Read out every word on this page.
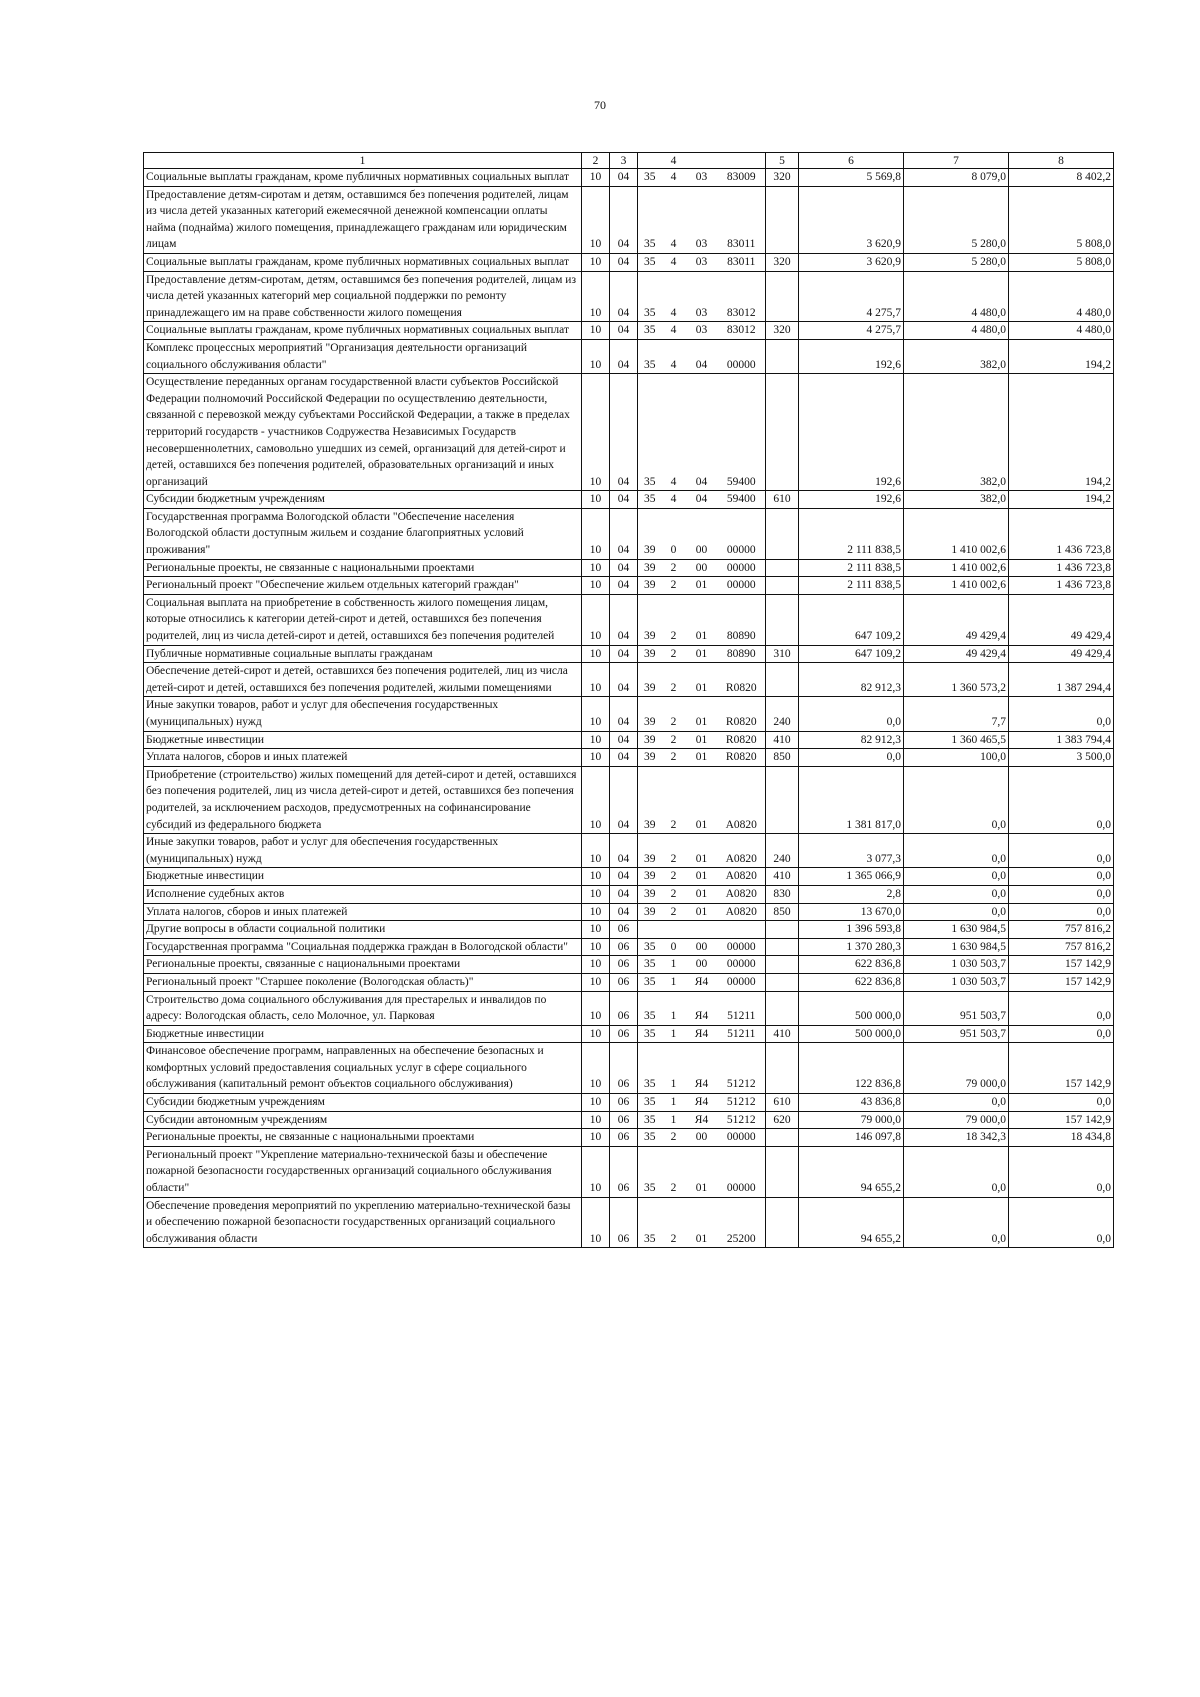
70
1	2	3		4			5	6	7	8
Социальные выплаты гражданам, кроме публичных нормативных социальных выплат	10	04	35	4	03	83009	320	5 569,8	8 079,0	8 402,2
Предоставление детям-сиротам и детям, оставшимся без попечения родителей, лицам из числа детей указанных категорий ежемесячной денежной компенсации оплаты найма (поднайма) жилого помещения, принадлежащего гражданам или юридическим лицам	10	04	35	4	03	83011		3 620,9	5 280,0	5 808,0
Социальные выплаты гражданам, кроме публичных нормативных социальных выплат	10	04	35	4	03	83011	320	3 620,9	5 280,0	5 808,0
Предоставление детям-сиротам, детям, оставшимся без попечения родителей, лицам из числа детей указанных категорий мер социальной поддержки по ремонту принадлежащего им на праве собственности жилого помещения	10	04	35	4	03	83012		4 275,7	4 480,0	4 480,0
Социальные выплаты гражданам, кроме публичных нормативных социальных выплат	10	04	35	4	03	83012	320	4 275,7	4 480,0	4 480,0
Комплекс процессных мероприятий "Организация деятельности организаций социального обслуживания области"	10	04	35	4	04	00000		192,6	382,0	194,2
Осуществление переданных органам государственной власти субъектов Российской Федерации полномочий Российской Федерации по осуществлению деятельности, связанной с перевозкой между субъектами Российской Федерации, а также в пределах территорий государств - участников Содружества Независимых Государств несовершеннолетних, самовольно ушедших из семей, организаций для детей-сирот и детей, оставшихся без попечения родителей, образовательных организаций и иных организаций	10	04	35	4	04	59400		192,6	382,0	194,2
Субсидии бюджетным учреждениям	10	04	35	4	04	59400	610	192,6	382,0	194,2
Государственная программа Вологодской области "Обеспечение населения Вологодской области доступным жильем и создание благоприятных условий проживания"	10	04	39	0	00	00000		2 111 838,5	1 410 002,6	1 436 723,8
Региональные проекты, не связанные с национальными проектами	10	04	39	2	00	00000		2 111 838,5	1 410 002,6	1 436 723,8
Региональный проект "Обеспечение жильем отдельных категорий граждан"	10	04	39	2	01	00000		2 111 838,5	1 410 002,6	1 436 723,8
Социальная выплата на приобретение в собственность жилого помещения лицам, которые относились к категории детей-сирот и детей, оставшихся без попечения родителей, лиц из числа детей-сирот и детей, оставшихся без попечения родителей	10	04	39	2	01	80890		647 109,2	49 429,4	49 429,4
Публичные нормативные социальные выплаты гражданам	10	04	39	2	01	80890	310	647 109,2	49 429,4	49 429,4
Обеспечение детей-сирот и детей, оставшихся без попечения родителей, лиц из числа детей-сирот и детей, оставшихся без попечения родителей, жилыми помещениями	10	04	39	2	01	R0820		82 912,3	1 360 573,2	1 387 294,4
Иные закупки товаров, работ и услуг для обеспечения государственных (муниципальных) нужд	10	04	39	2	01	R0820	240	0,0	7,7	0,0
Бюджетные инвестиции	10	04	39	2	01	R0820	410	82 912,3	1 360 465,5	1 383 794,4
Уплата налогов, сборов и иных платежей	10	04	39	2	01	R0820	850	0,0	100,0	3 500,0
Приобретение (строительство) жилых помещений для детей-сирот и детей, оставшихся без попечения родителей, лиц из числа детей-сирот и детей, оставшихся без попечения родителей, за исключением расходов, предусмотренных на софинансирование субсидий из федерального бюджета	10	04	39	2	01	А0820		1 381 817,0	0,0	0,0
Иные закупки товаров, работ и услуг для обеспечения государственных (муниципальных) нужд	10	04	39	2	01	А0820	240	3 077,3	0,0	0,0
Бюджетные инвестиции	10	04	39	2	01	А0820	410	1 365 066,9	0,0	0,0
Исполнение судебных актов	10	04	39	2	01	А0820	830	2,8	0,0	0,0
Уплата налогов, сборов и иных платежей	10	04	39	2	01	А0820	850	13 670,0	0,0	0,0
Другие вопросы в области социальной политики	10	06						1 396 593,8	1 630 984,5	757 816,2
Государственная программа "Социальная поддержка граждан в Вологодской области"	10	06	35	0	00	00000		1 370 280,3	1 630 984,5	757 816,2
Региональные проекты, связанные с национальными проектами	10	06	35	1	00	00000		622 836,8	1 030 503,7	157 142,9
Региональный проект "Старшее поколение (Вологодская область)"	10	06	35	1	Я4	00000		622 836,8	1 030 503,7	157 142,9
Строительство дома социального обслуживания для престарелых и инвалидов по адресу: Вологодская область, село Молочное, ул. Парковая	10	06	35	1	Я4	51211		500 000,0	951 503,7	0,0
Бюджетные инвестиции	10	06	35	1	Я4	51211	410	500 000,0	951 503,7	0,0
Финансовое обеспечение программ, направленных на обеспечение безопасных и комфортных условий предоставления социальных услуг в сфере социального обслуживания (капитальный ремонт объектов социального обслуживания)	10	06	35	1	Я4	51212		122 836,8	79 000,0	157 142,9
Субсидии бюджетным учреждениям	10	06	35	1	Я4	51212	610	43 836,8	0,0	0,0
Субсидии автономным учреждениям	10	06	35	1	Я4	51212	620	79 000,0	79 000,0	157 142,9
Региональные проекты, не связанные с национальными проектами	10	06	35	2	00	00000		146 097,8	18 342,3	18 434,8
Региональный проект "Укрепление материально-технической базы и обеспечение пожарной безопасности государственных организаций социального обслуживания области"	10	06	35	2	01	00000		94 655,2	0,0	0,0
Обеспечение проведения мероприятий по укреплению материально-технической базы и обеспечению пожарной безопасности государственных организаций социального обслуживания области	10	06	35	2	01	25200		94 655,2	0,0	0,0
